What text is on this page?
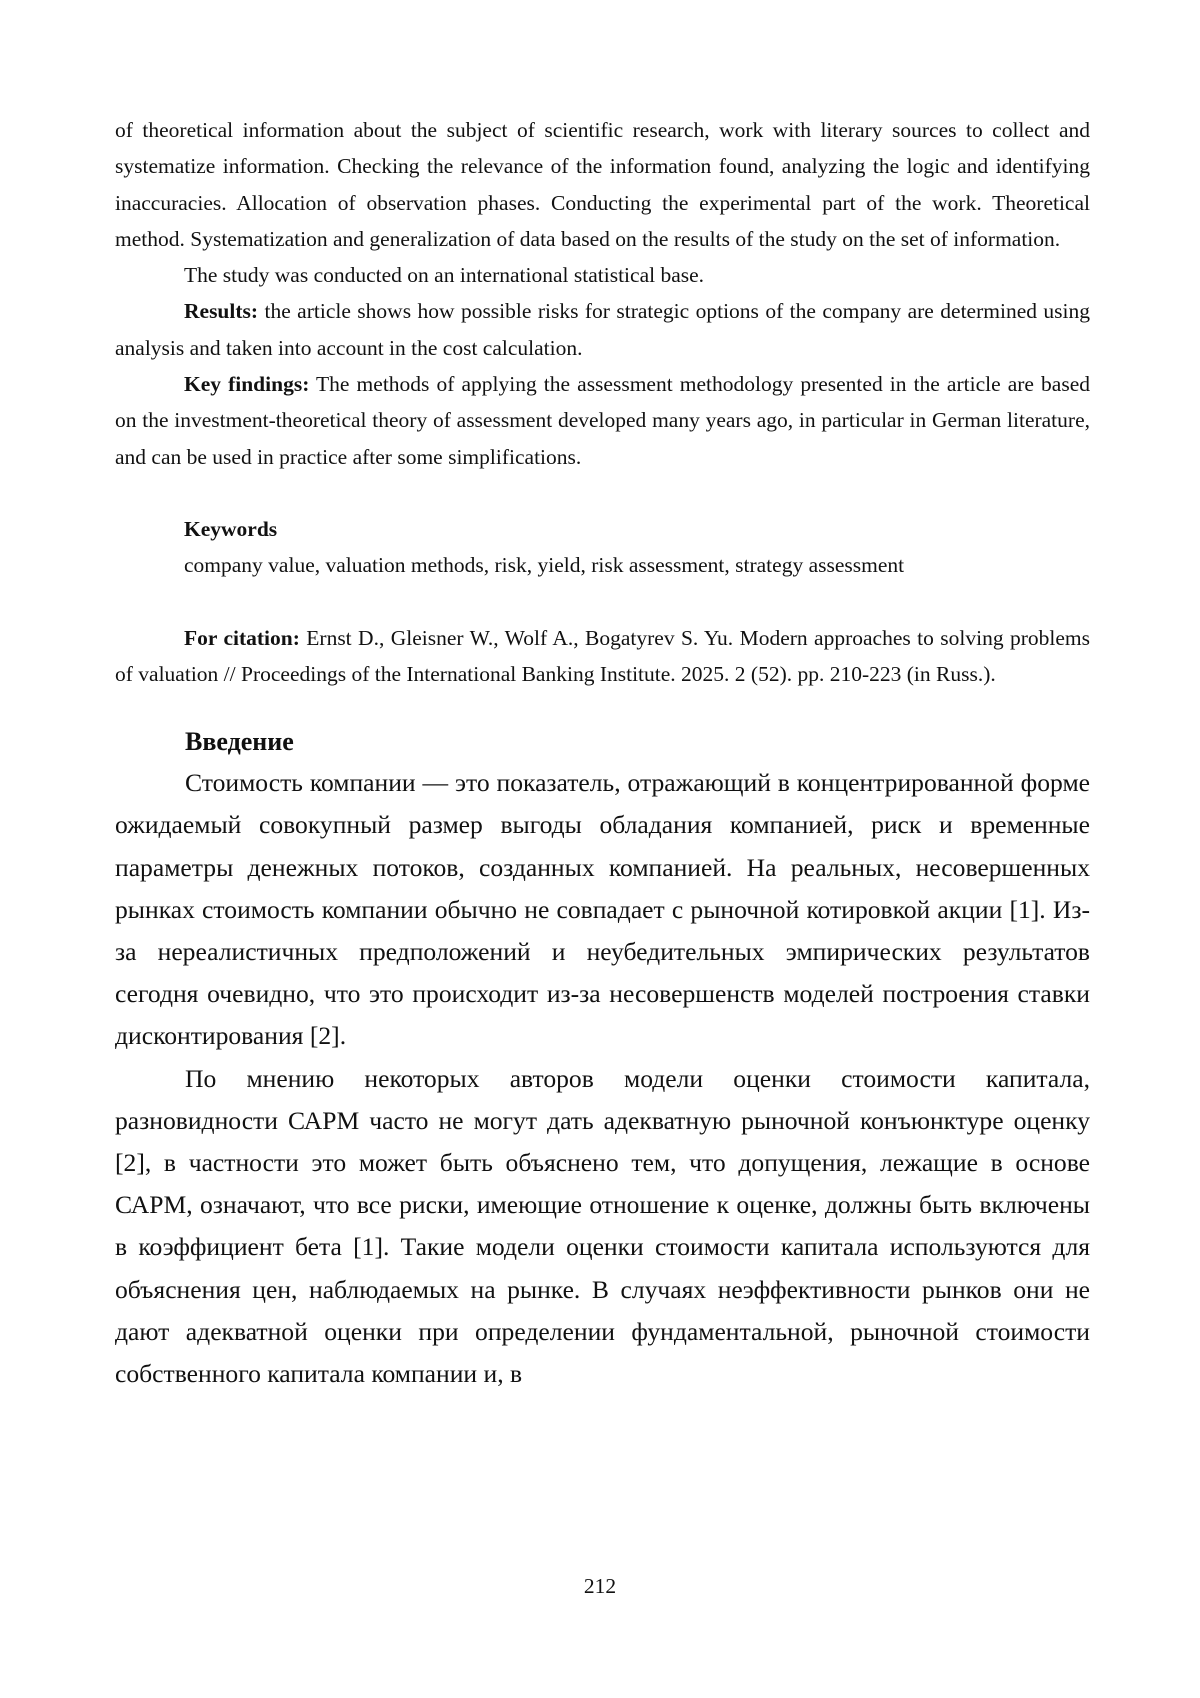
of theoretical information about the subject of scientific research, work with literary sources to collect and systematize information. Checking the relevance of the information found, analyzing the logic and identifying inaccuracies. Allocation of observation phases. Conducting the experimental part of the work. Theoretical method. Systematization and generalization of data based on the results of the study on the set of information.

The study was conducted on an international statistical base.

Results: the article shows how possible risks for strategic options of the company are determined using analysis and taken into account in the cost calculation.

Key findings: The methods of applying the assessment methodology presented in the article are based on the investment-theoretical theory of assessment developed many years ago, in particular in German literature, and can be used in practice after some simplifications.

Keywords

company value, valuation methods, risk, yield, risk assessment, strategy assessment

For citation: Ernst D., Gleisner W., Wolf A., Bogatyrev S. Yu. Modern approaches to solving problems of valuation // Proceedings of the International Banking Institute. 2025. 2 (52). pp. 210-223 (in Russ.).

Введение

Стоимость компании — это показатель, отражающий в концентрированной форме ожидаемый совокупный размер выгоды обладания компанией, риск и временные параметры денежных потоков, созданных компанией. На реальных, несовершенных рынках стоимость компании обычно не совпадает с рыночной котировкой акции [1]. Из-за нереалистичных предположений и неубедительных эмпирических результатов сегодня очевидно, что это происходит из-за несовершенств моделей построения ставки дисконтирования [2].

По мнению некоторых авторов модели оценки стоимости капитала, разновидности САРМ часто не могут дать адекватную рыночной конъюнктуре оценку [2], в частности это может быть объяснено тем, что допущения, лежащие в основе САРМ, означают, что все риски, имеющие отношение к оценке, должны быть включены в коэффициент бета [1]. Такие модели оценки стоимости капитала используются для объяснения цен, наблюдаемых на рынке. В случаях неэффективности рынков они не дают адекватной оценки при определении фундаментальной, рыночной стоимости собственного капитала компании и, в

212
